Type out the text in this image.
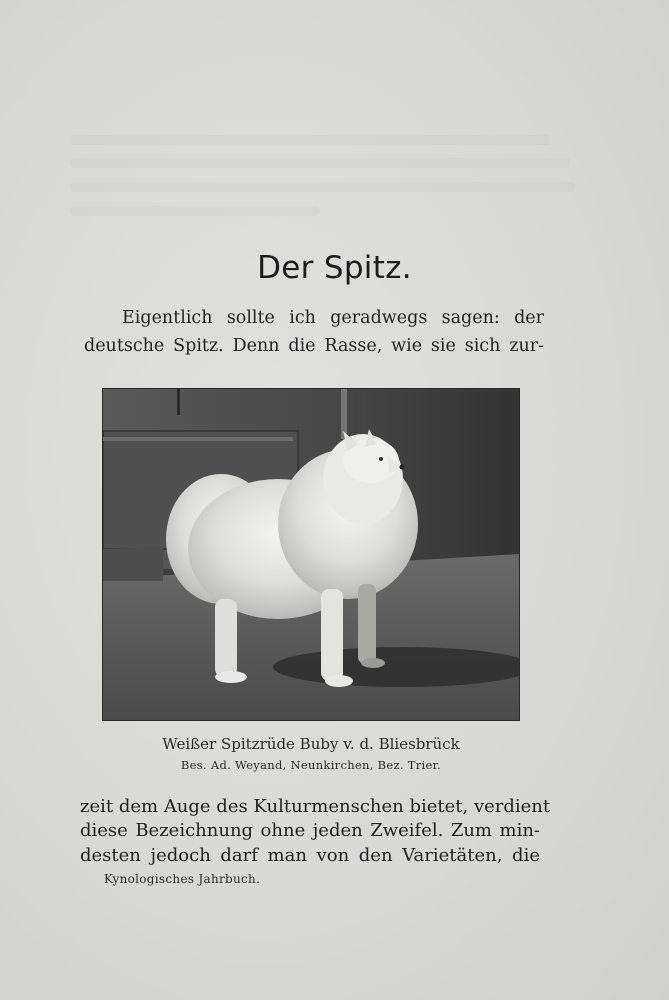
Der Spitz.
Eigentlich sollte ich geradwegs sagen: der
deutsche Spitz. Denn die Rasse, wie sie sich zur-
Weißer Spitzrüde Buby v. d. Bliesbrück
Bes. Ad. Weyand, Neunkirchen, Bez. Trier.
zeit dem Auge des Kulturmenschen bietet, verdient
diese Bezeichnung ohne jeden Zweifel. Zum min-
desten jedoch darf man von den Varietäten, die
Kynologisches Jahrbuch.
